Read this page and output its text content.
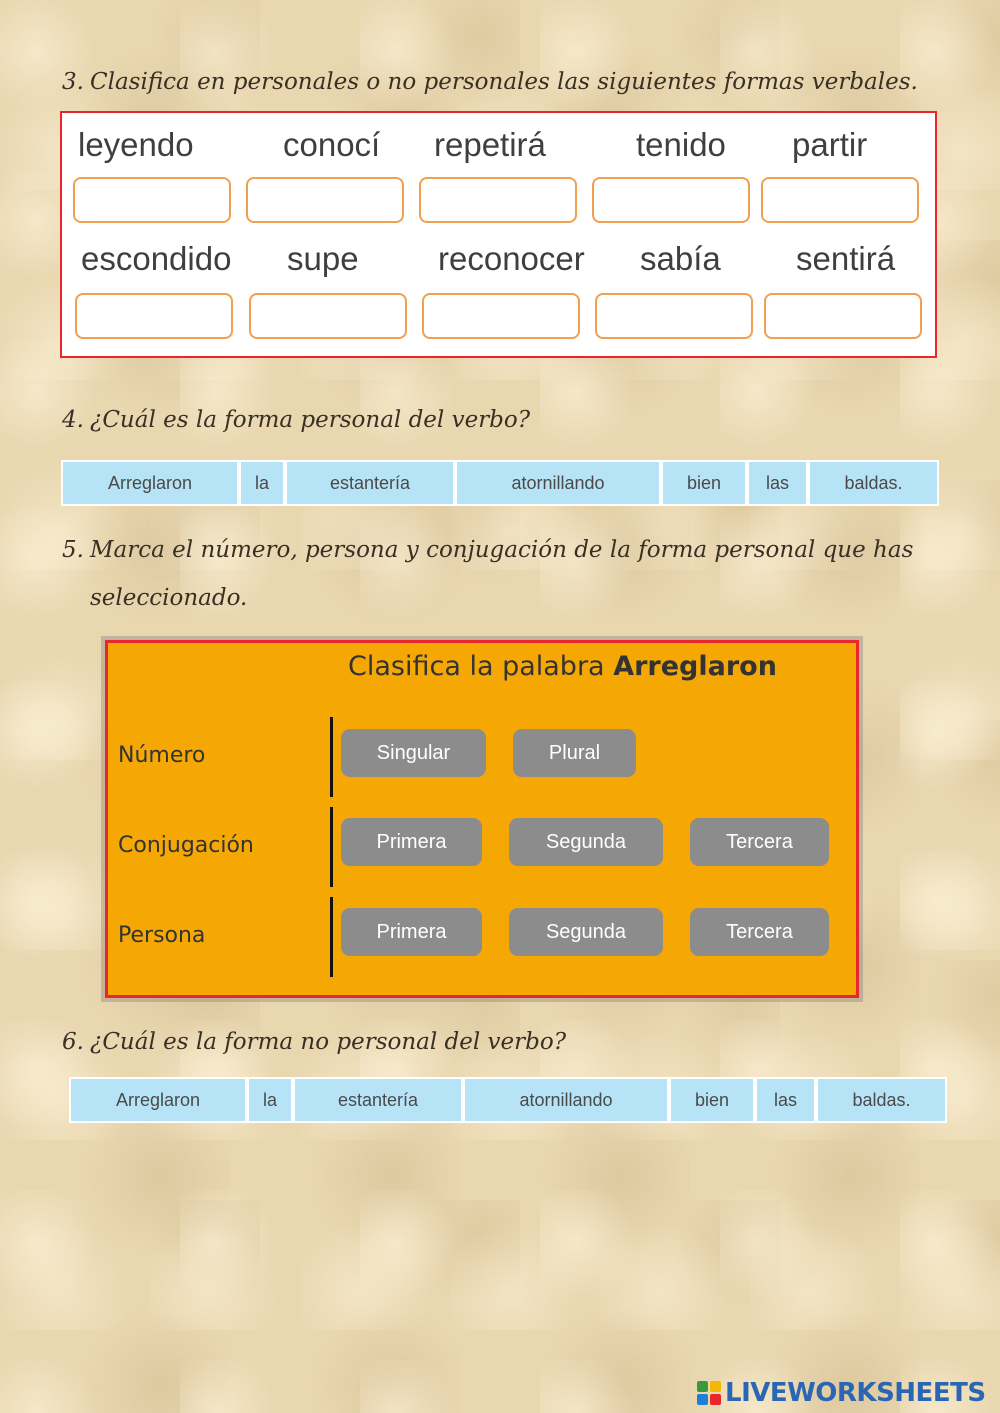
3. Clasifica en personales o no personales las siguientes formas verbales.

leyendo	conocí repetirá	tenido partir
escondido supe reconocer sabía sentirá

4. ¿Cuál es la forma personal del verbo?

Arreglaron	la	estantería	atornillando	bien	las	baldas.

5. Marca el número, persona y conjugación de la forma personal que has
seleccionado.

Clasifica la palabra Arreglaron
Número	Singular	Plural
Conjugación	Primera	Segunda	Tercera
Persona	Primera	Segunda	Tercera

6. ¿Cuál es la forma no personal del verbo?

Arreglaron	la	estantería	atornillando	bien	las	baldas.
LIVEWORKSHEETS
